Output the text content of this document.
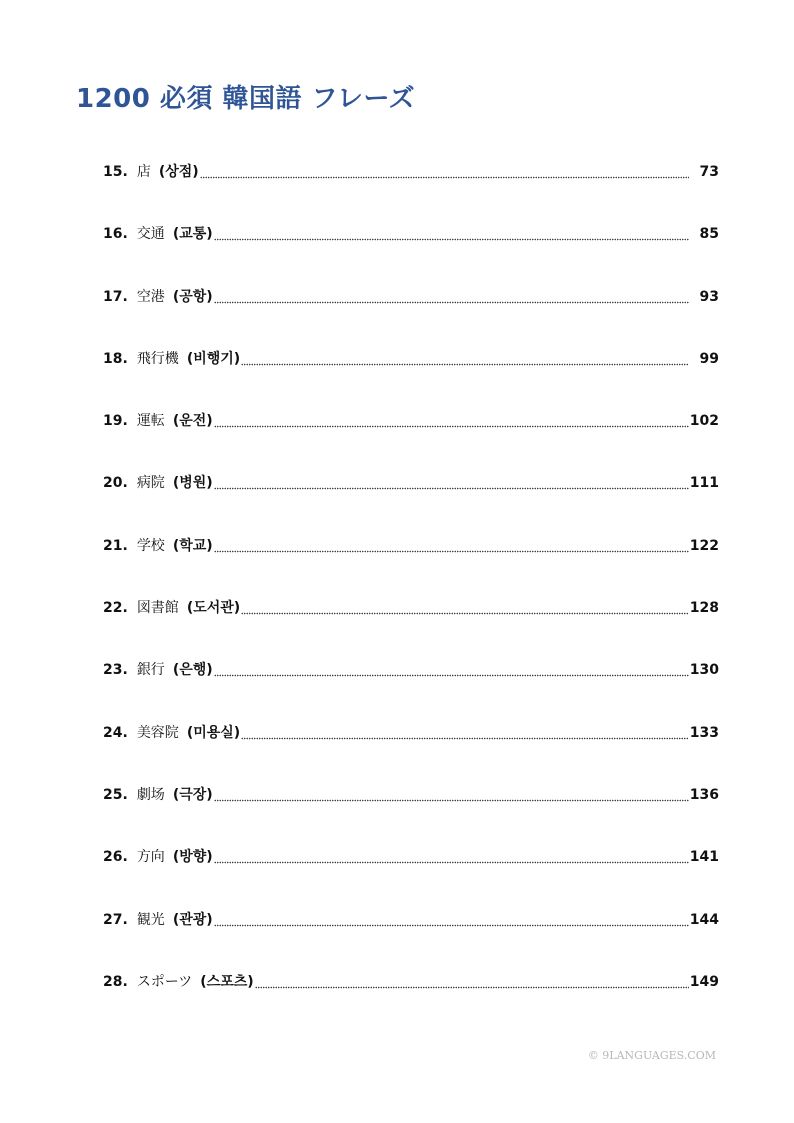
1200 必須 韓国語 フレーズ
15. 店 (상점)	73
16. 交通 (교통)	85
17. 空港 (공항)	93
18. 飛行機 (비행기)	99
19. 運転 (운전)	102
20. 病院 (병원)	111
21. 学校 (학교)	122
22. 図書館 (도서관)	128
23. 銀行 (은행)	130
24. 美容院 (미용실)	133
25. 劇场 (극장)	136
26. 方向 (방향)	141
27. 観光 (관광)	144
28. スポーツ (스포츠)	149
© 9LANGUAGES.COM
